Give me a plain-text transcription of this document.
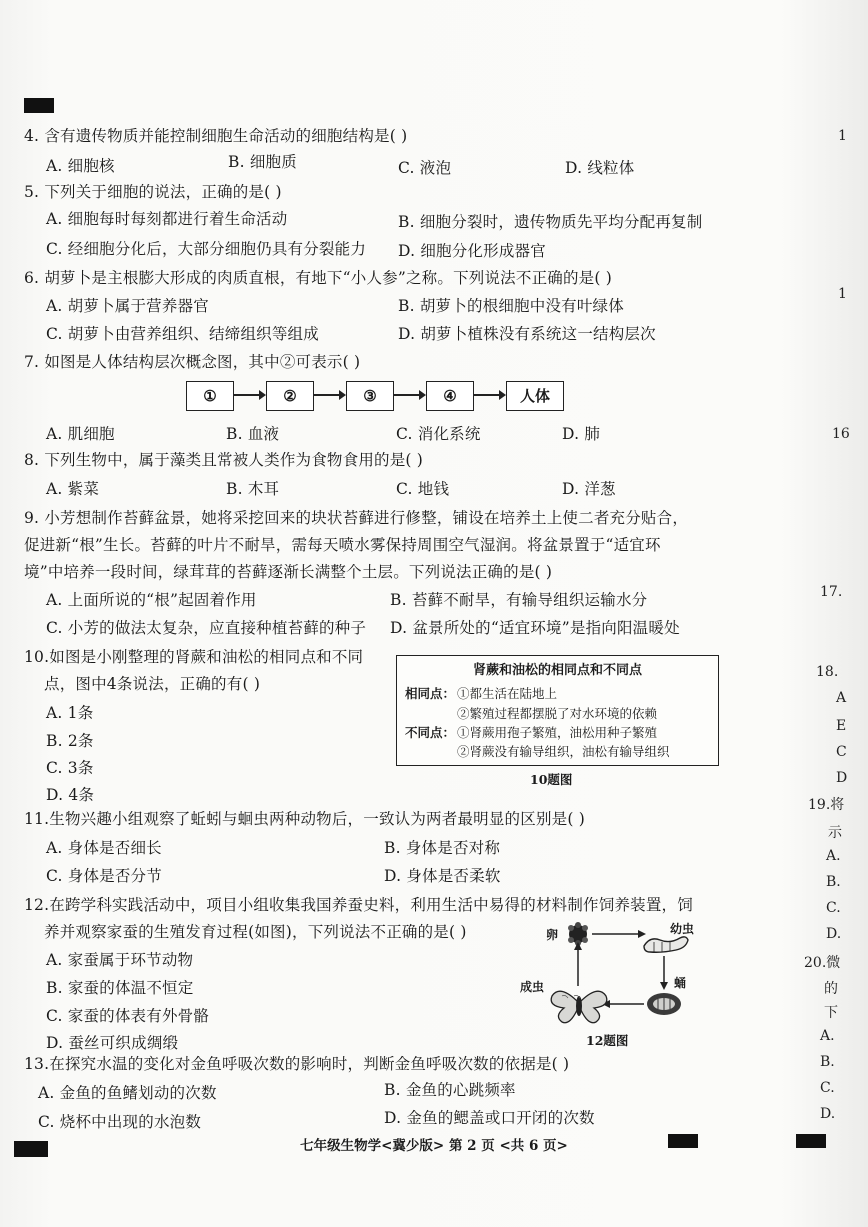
4. 含有遗传物质并能控制细胞生命活动的细胞结构是( )
A. 细胞核	B. 细胞质	C. 液泡	D. 线粒体
5. 下列关于细胞的说法，正确的是( )
A. 细胞每时每刻都进行着生命活动	B. 细胞分裂时，遗传物质先平均分配再复制
C. 经细胞分化后，大部分细胞仍具有分裂能力 D. 细胞分化形成器官
6. 胡萝卜是主根膨大形成的肉质直根，有地下“小人参”之称。下列说法不正确的是( )
A. 胡萝卜属于营养器官	B. 胡萝卜的根细胞中没有叶绿体
C. 胡萝卜由营养组织、结缔组织等组成	D. 胡萝卜植株没有系统这一结构层次
7. 如图是人体结构层次概念图，其中②可表示( )
①	②	③	④	人体
A. 肌细胞	B. 血液	C. 消化系统	D. 肺
8. 下列生物中，属于藻类且常被人类作为食物食用的是( )
A. 紫菜	B. 木耳	C. 地钱	D. 洋葱
9. 小芳想制作苔藓盆景，她将采挖回来的块状苔藓进行修整，铺设在培养土上使二者充分贴合，
促进新“根”生长。苔藓的叶片不耐旱，需每天喷水雾保持周围空气湿润。将盆景置于“适宜环
境”中培养一段时间，绿茸茸的苔藓逐渐长满整个土层。下列说法正确的是( )
A. 上面所说的“根”起固着作用	B. 苔藓不耐旱，有输导组织运输水分
C. 小芳的做法太复杂，应直接种植苔藓的种子 D. 盆景所处的“适宜环境”是指向阳温暖处
10.如图是小刚整理的肾蕨和油松的相同点和不同
点，图中4条说法，正确的有( )
A. 1条
B. 2条
C. 3条
D. 4条
肾蕨和油松的相同点和不同点
相同点： ①都生活在陆地上
②繁殖过程都摆脱了对水环境的依赖
不同点： ①肾蕨用孢子繁殖，油松用种子繁殖
②肾蕨没有输导组织，油松有输导组织
10题图
11.生物兴趣小组观察了蚯蚓与蛔虫两种动物后，一致认为两者最明显的区别是( )
A. 身体是否细长	B. 身体是否对称
C. 身体是否分节	D. 身体是否柔软
12.在跨学科实践活动中，项目小组收集我国养蚕史料，利用生活中易得的材料制作饲养装置，饲
养并观察家蚕的生殖发育过程(如图)，下列说法不正确的是( )
A. 家蚕属于环节动物
B. 家蚕的体温不恒定
C. 家蚕的体表有外骨骼
D. 蚕丝可织成绸缎
卵	幼虫
蛹
成虫
12题图
13.在探究水温的变化对金鱼呼吸次数的影响时，判断金鱼呼吸次数的依据是( )
A. 金鱼的鱼鳍划动的次数	B. 金鱼的心跳频率
C. 烧杯中出现的水泡数	D. 金鱼的鳃盖或口开闭的次数
七年级生物学<冀少版> 第 2 页 <共 6 页>
1
1
16
17.
18.
A
E
C
D
19.将
示
A.
B.
C.
D.
20.微
的
下
A.
B.
C.
D.
